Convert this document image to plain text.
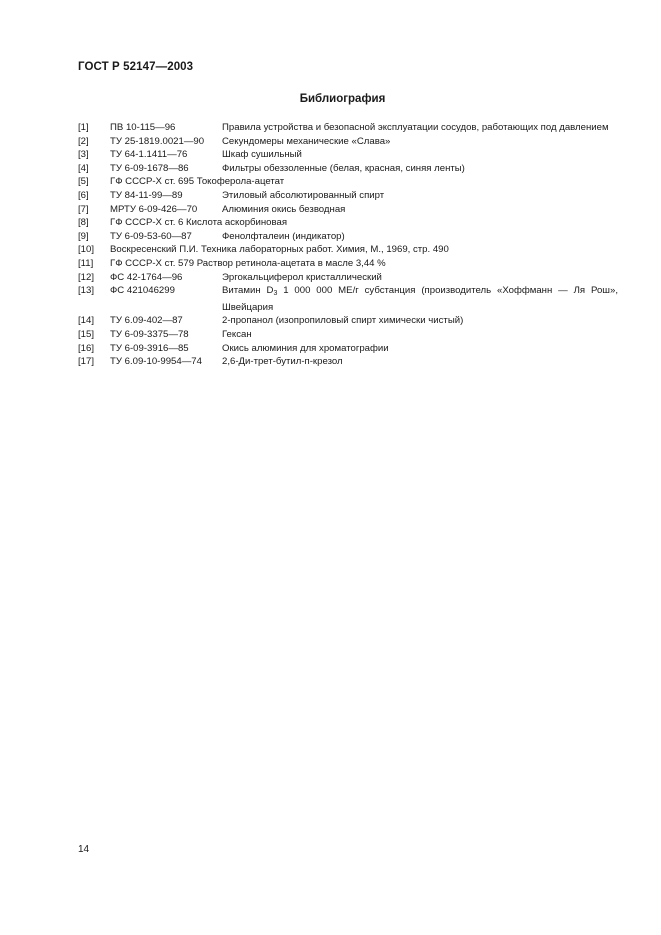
ГОСТ Р 52147—2003
Библиография
[1]	ПВ 10-115—96	Правила устройства и безопасной эксплуатации сосудов, работающих под давлением
[2]	ТУ 25-1819.0021—90	Секундомеры механические «Слава»
[3]	ТУ 64-1.1411—76	Шкаф сушильный
[4]	ТУ 6-09-1678—86	Фильтры обеззоленные (белая, красная, синяя ленты)
[5]	ГФ СССР-X ст. 695 Токоферола-ацетат
[6]	ТУ 84-11-99—89	Этиловый абсолютированный спирт
[7]	МРТУ 6-09-426—70	Алюминия окись безводная
[8]	ГФ СССР-X ст. 6 Кислота аскорбиновая
[9]	ТУ 6-09-53-60—87	Фенолфталеин (индикатор)
[10]	Воскресенский П.И. Техника лабораторных работ. Химия, М., 1969, стр. 490
[11]	ГФ СССР-X ст. 579 Раствор ретинола-ацетата в масле 3,44 %
[12]	ФС 42-1764—96	Эргокальциферол кристаллический
[13]	ФС 421046299	Витамин $D_3$ 1 000 000 МЕ/г субстанция (производитель «Хоффманн — Ля Рош», Швейцария
[14]	ТУ 6.09-402—87	2-пропанол (изопропиловый спирт химически чистый)
[15]	ТУ 6-09-3375—78	Гексан
[16]	ТУ 6-09-3916—85	Окись алюминия для хроматографии
[17]	ТУ 6.09-10-9954—74	2,6-Ди-трет-бутил-п-крезол
14
